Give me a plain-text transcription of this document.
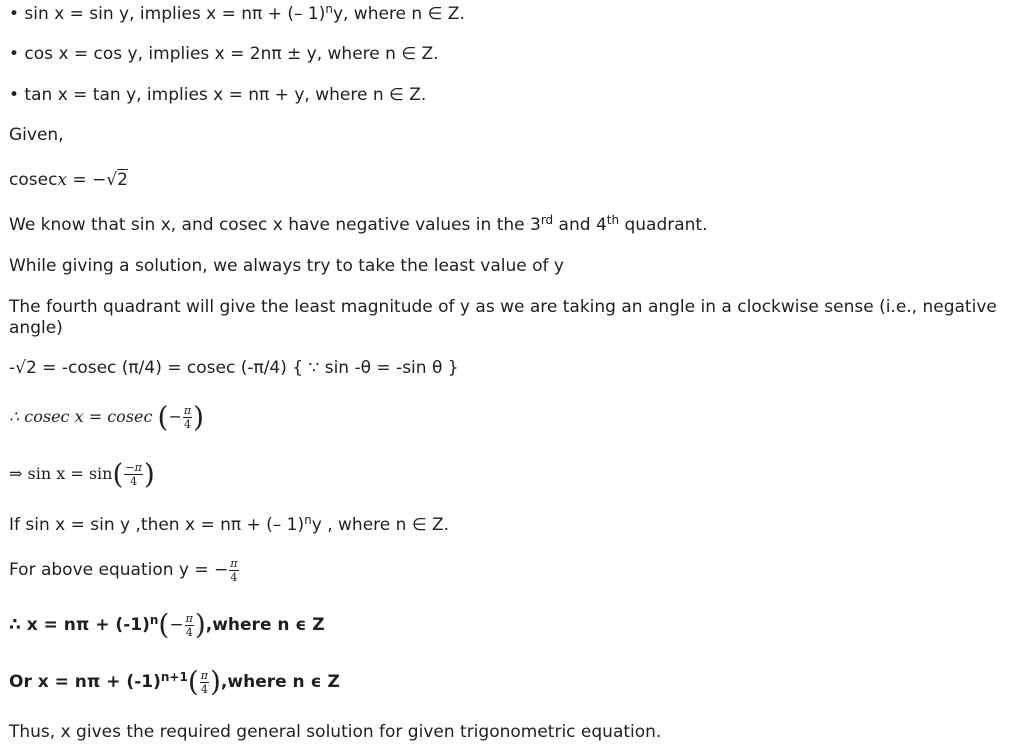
• sin x = sin y, implies x = nπ + (– 1)$^n$y, where n ∈ Z.
• cos x = cos y, implies x = 2nπ ± y, where n ∈ Z.
• tan x = tan y, implies x = nπ + y, where n ∈ Z.
Given,
cosecx = −√2
We know that sin x, and cosec x have negative values in the 3rd and 4th quadrant.
While giving a solution, we always try to take the least value of y
The fourth quadrant will give the least magnitude of y as we are taking an angle in a clockwise sense (i.e., negative angle)
-√2 = -cosec (π/4) = cosec (-π/4) { ∵ sin -θ = -sin θ }
∴ cosec x = cosec (− $\frac{\pi}{4}$ )
⇒ $\sin x = \sin( \frac{-\pi}{4}$ )
If sin x = sin y ,then x = nπ + (– 1)$^n$y , where n ∈ Z.
For above equation y = − $\frac{\pi}{4}$
∴ $x = n\pi + (-1)^n(- \frac{\pi}{4}$ ),where n ϵ Z
Or $x = n\pi + (-1)^{n+1}( \frac{\pi}{4}$ ),where n ϵ Z
Thus, x gives the required general solution for given trigonometric equation.
